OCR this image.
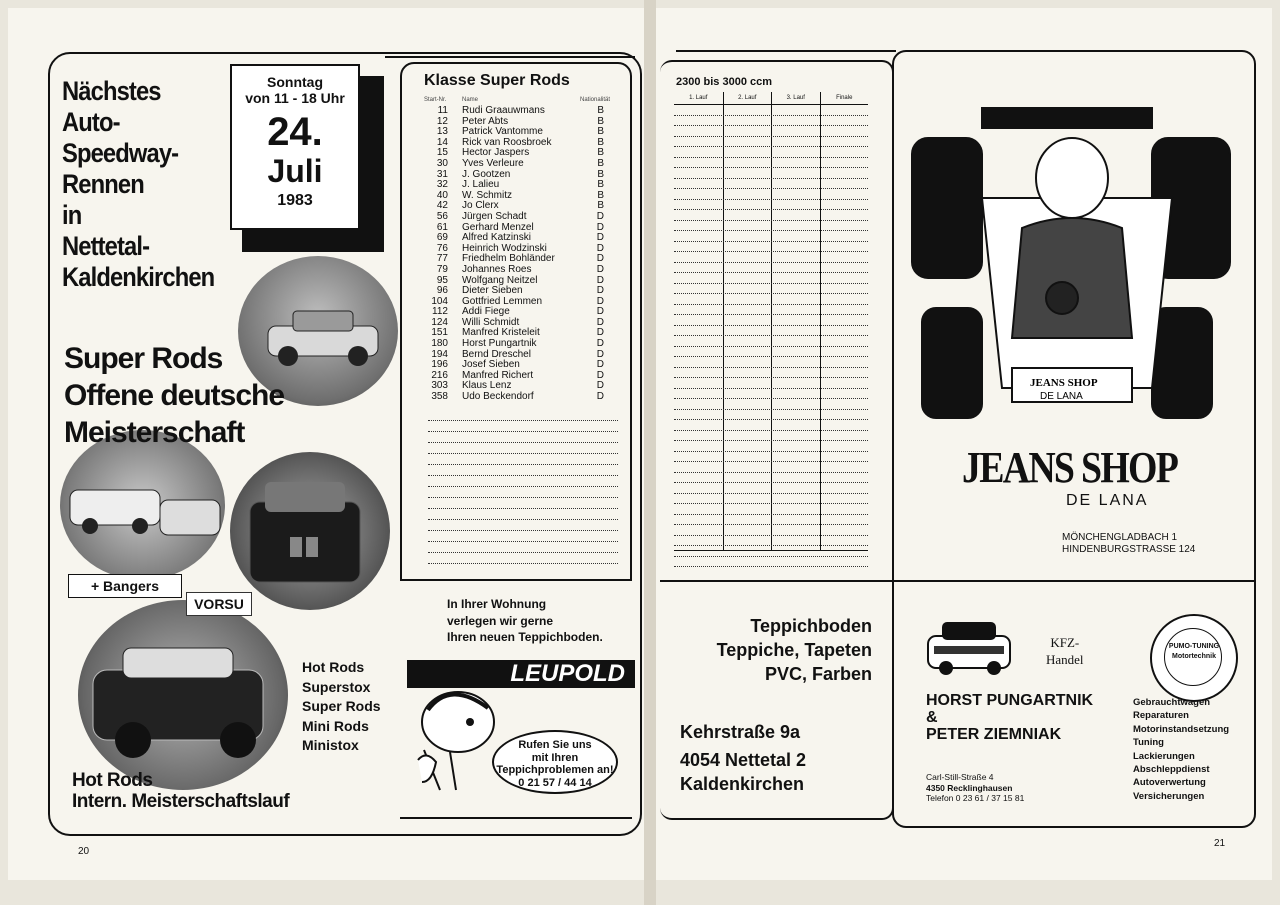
Nächstes
Auto-
Speedway-
Rennen
in
Nettetal-
Kaldenkirchen
Sonntag
von 11 - 18 Uhr
24.
Juli
1983
Super Rods
Offene deutsche
Meisterschaft
+ Bangers
VORSU
Hot Rods
Superstox
Super Rods
Mini Rods
Ministox
Hot Rods
Intern. Meisterschaftslauf
20
Klasse Super Rods
Start-Nr.	Name	Nationalität
11	Rudi Graauwmans	B
12	Peter Abts	B
13	Patrick Vantomme	B
14	Rick van Roosbroek	B
15	Hector Jaspers	B
30	Yves Verleure	B
31	J. Gootzen	B
32	J. Lalieu	B
40	W. Schmitz	B
42	Jo Clerx	B
56	Jürgen Schadt	D
61	Gerhard Menzel	D
69	Alfred Katzinski	D
76	Heinrich Wodzinski	D
77	Friedhelm Bohländer	D
79	Johannes Roes	D
95	Wolfgang Neitzel	D
96	Dieter Sieben	D
104	Gottfried Lemmen	D
112	Addi Fiege	D
124	Willi Schmidt	D
151	Manfred Kristeleit	D
180	Horst Pungartnik	D
194	Bernd Dreschel	D
196	Josef Sieben	D
216	Manfred Richert	D
303	Klaus Lenz	D
358	Udo Beckendorf	D
In Ihrer Wohnung
verlegen wir gerne
Ihren neuen Teppichboden.
LEUPOLD
Rufen Sie uns
mit Ihren
Teppichproblemen an!
0 21 57 / 44 14
2300 bis 3000 ccm
1. Lauf	2. Lauf	3. Lauf	Finale
Teppichboden
Teppiche, Tapeten
PVC, Farben
Kehrstraße 9a
4054 Nettetal 2
Kaldenkirchen
JEANS SHOP
DE LANA
JEANS SHOP
DE LANA
MÖNCHENGLADBACH 1
HINDENBURGSTRASSE 124
KFZ-
Handel
PUMO-TUNING Motortechnik
HORST PUNGARTNIK
&
PETER ZIEMNIAK
Carl-Still-Straße 4
4350 Recklinghausen
Telefon 0 23 61 / 37 15 81
Gebrauchtwagen
Reparaturen
Motorinstandsetzung
Tuning
Lackierungen
Abschleppdienst
Autoverwertung
Versicherungen
21
